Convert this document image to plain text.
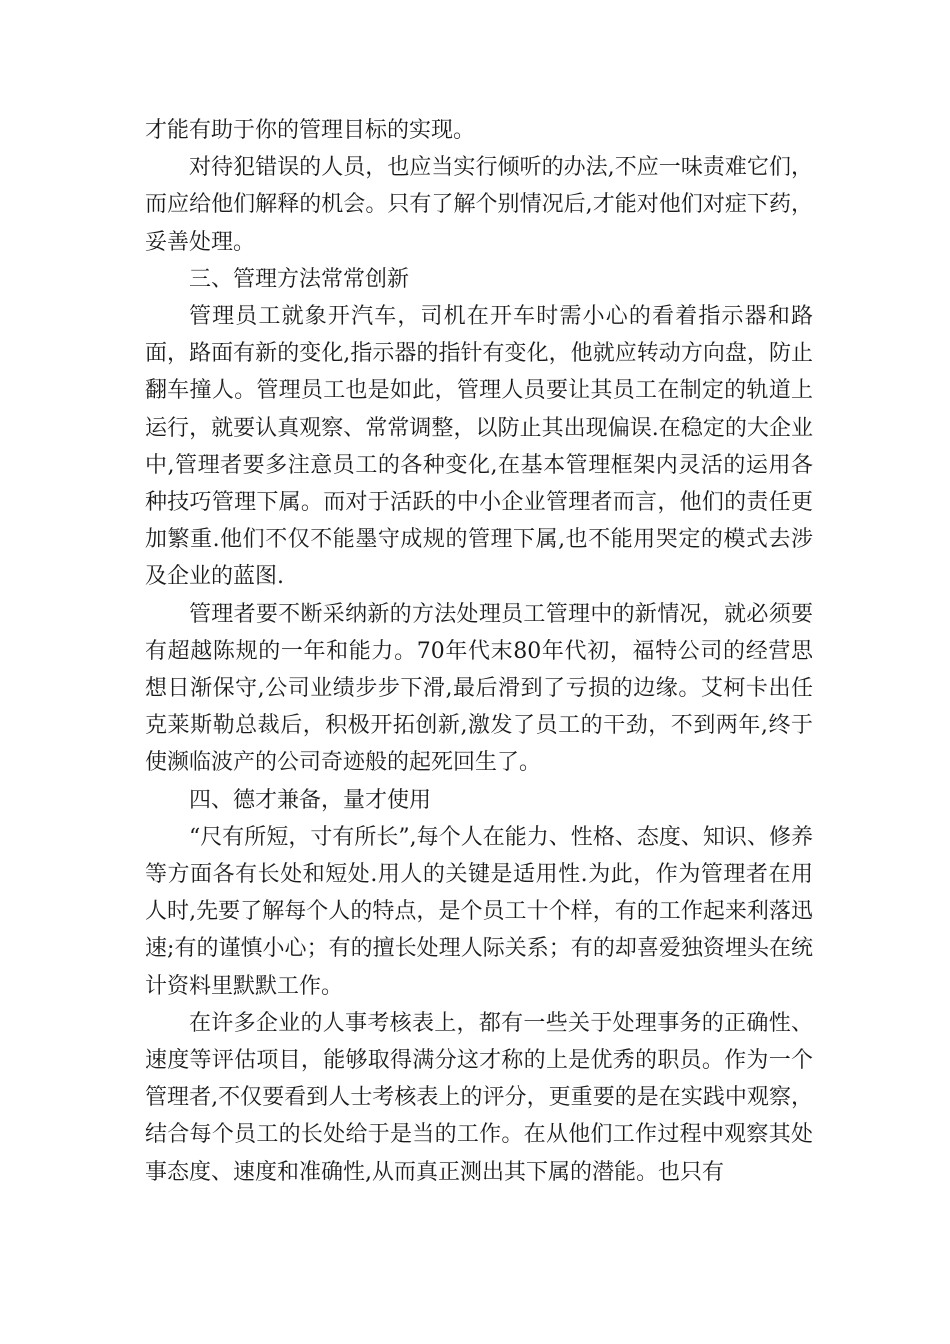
才能有助于你的管理目标的实现。

对待犯错误的人员，也应当实行倾听的办法,不应一味责难它们，而应给他们解释的机会。只有了解个别情况后,才能对他们对症下药，妥善处理。

三、管理方法常常创新

管理员工就象开汽车，司机在开车时需小心的看着指示器和路面，路面有新的变化,指示器的指针有变化，他就应转动方向盘，防止翻车撞人。管理员工也是如此，管理人员要让其员工在制定的轨道上运行，就要认真观察、常常调整，以防止其出现偏误.在稳定的大企业中,管理者要多注意员工的各种变化,在基本管理框架内灵活的运用各种技巧管理下属。而对于活跃的中小企业管理者而言，他们的责任更加繁重.他们不仅不能墨守成规的管理下属,也不能用哭定的模式去涉及企业的蓝图.

管理者要不断采纳新的方法处理员工管理中的新情况，就必须要有超越陈规的一年和能力。70年代末80年代初，福特公司的经营思想日渐保守,公司业绩步步下滑,最后滑到了亏损的边缘。艾柯卡出任克莱斯勒总裁后，积极开拓创新,激发了员工的干劲，不到两年,终于使濒临波产的公司奇迹般的起死回生了。

四、德才兼备，量才使用

“尺有所短，寸有所长”,每个人在能力、性格、态度、知识、修养等方面各有长处和短处.用人的关键是适用性.为此，作为管理者在用人时,先要了解每个人的特点，是个员工十个样，有的工作起来利落迅速;有的谨慎小心；有的擅长处理人际关系；有的却喜爱独资埋头在统计资料里默默工作。

在许多企业的人事考核表上，都有一些关于处理事务的正确性、速度等评估项目，能够取得满分这才称的上是优秀的职员。作为一个管理者,不仅要看到人士考核表上的评分，更重要的是在实践中观察，结合每个员工的长处给于是当的工作。在从他们工作过程中观察其处事态度、速度和准确性,从而真正测出其下属的潜能。也只有
